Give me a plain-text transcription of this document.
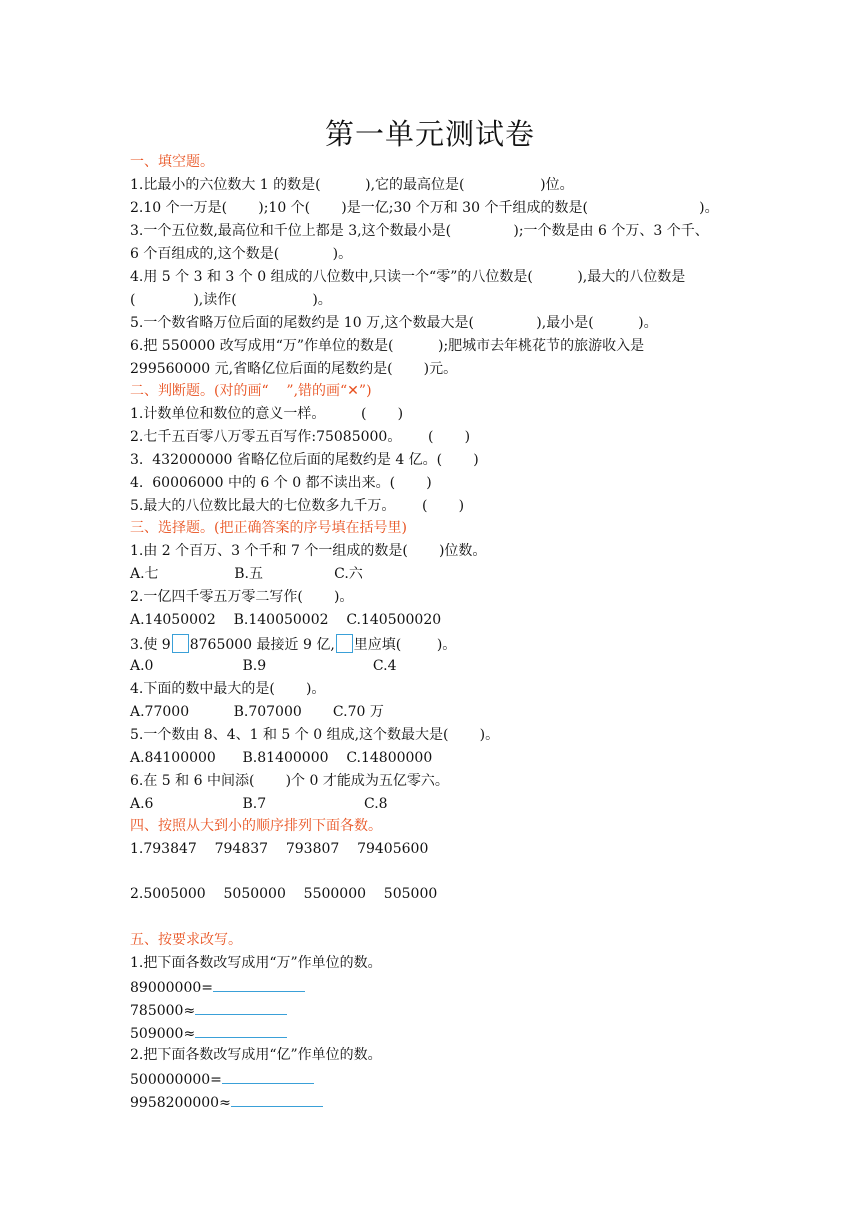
第一单元测试卷
一、填空题。
1.比最小的六位数大 1 的数是(          ),它的最高位是(                 )位。
2.10 个一万是(       );10 个(       )是一亿;30 个万和 30 个千组成的数是(                         )。
3.一个五位数,最高位和千位上都是 3,这个数最小是(              );一个数是由 6 个万、3 个千、
6 个百组成的,这个数是(            )。
4.用 5 个 3 和 3 个 0 组成的八位数中,只读一个“零”的八位数是(          ),最大的八位数是
(             ),读作(                 )。
5.一个数省略万位后面的尾数约是 10 万,这个数最大是(              ),最小是(          )。
6.把 550000 改写成用“万”作单位的数是(          );肥城市去年桃花节的旅游收入是
299560000 元,省略亿位后面的尾数约是(       )元。
二、判断题。(对的画“    ”,错的画“✕”)
1.计数单位和数位的意义一样。        (       )
2.七千五百零八万零五百写作:75085000。      (       )
3.  432000000 省略亿位后面的尾数约是 4 亿。(       )
4.  60006000 中的 6 个 0 都不读出来。(       )
5.最大的八位数比最大的七位数多九千万。      (       )
三、选择题。(把正确答案的序号填在括号里)
1.由 2 个百万、3 个千和 7 个一组成的数是(       )位数。
A.七                 B.五                C.六
2.一亿四千零五万零二写作(       )。
A.14050002    B.140050002    C.140500020
3.使 9 8765000 最接近 9 亿, 里应填(        )。
A.0                    B.9                        C.4
4.下面的数中最大的是(       )。
A.77000          B.707000       C.70 万
5.一个数由 8、4、1 和 5 个 0 组成,这个数最大是(       )。
A.84100000      B.81400000    C.14800000
6.在 5 和 6 中间添(       )个 0 才能成为五亿零六。
A.6                    B.7                      C.8
四、按照从大到小的顺序排列下面各数。
1.793847    794837    793807    79405600
2.5005000    5050000    5500000    505000
五、按要求改写。
1.把下面各数改写成用“万”作单位的数。
89000000=
785000≈
509000≈
2.把下面各数改写成用“亿”作单位的数。
500000000=
9958200000≈
